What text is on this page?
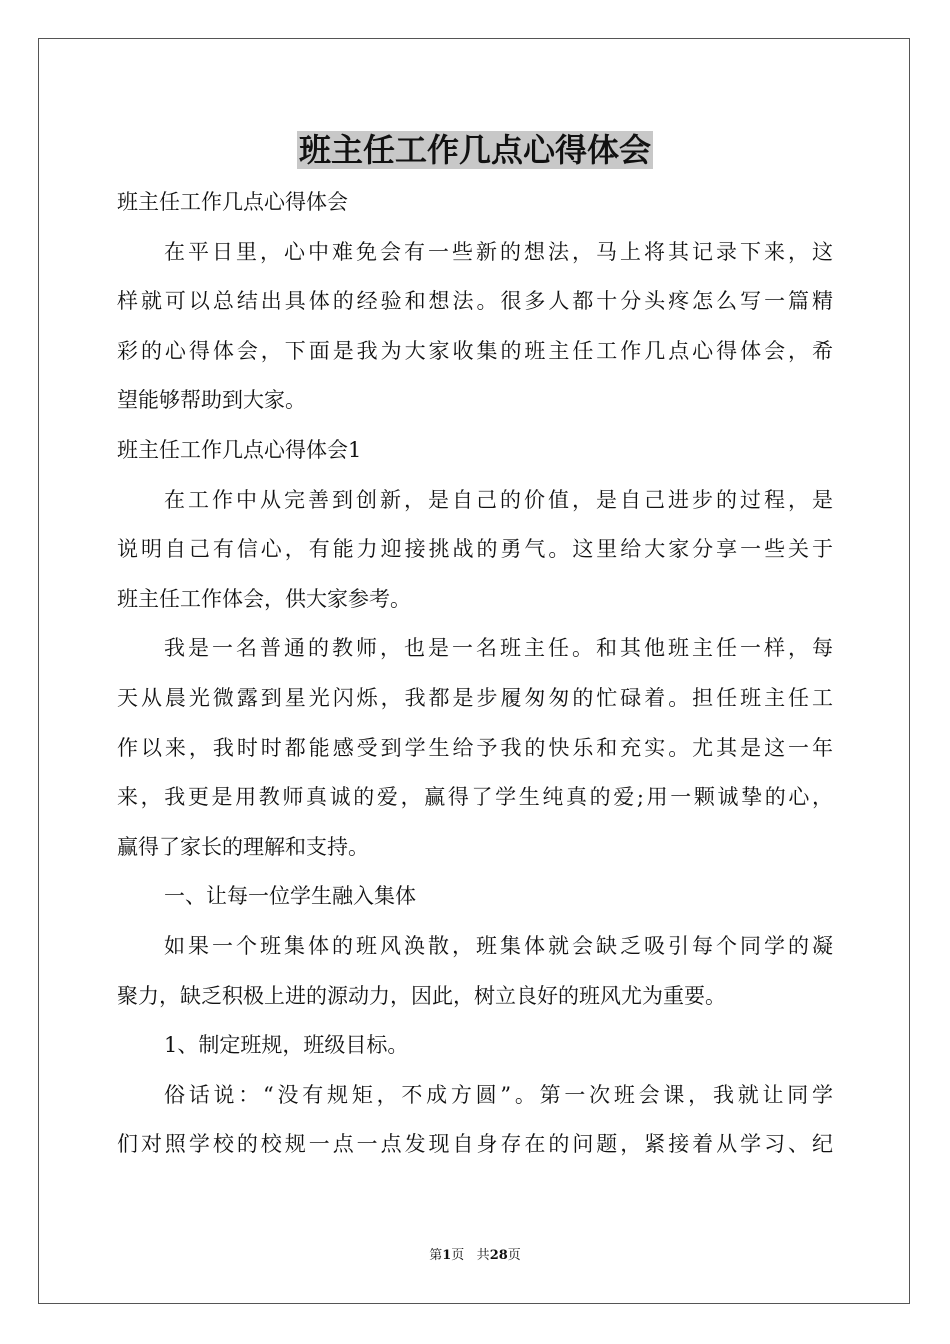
班主任工作几点心得体会
班主任工作几点心得体会
在平日里，心中难免会有一些新的想法，马上将其记录下来，这
样就可以总结出具体的经验和想法。很多人都十分头疼怎么写一篇精
彩的心得体会，下面是我为大家收集的班主任工作几点心得体会，希
望能够帮助到大家。
班主任工作几点心得体会1
在工作中从完善到创新，是自己的价值，是自己进步的过程，是
说明自己有信心，有能力迎接挑战的勇气。这里给大家分享一些关于
班主任工作体会，供大家参考。
我是一名普通的教师，也是一名班主任。和其他班主任一样，每
天从晨光微露到星光闪烁，我都是步履匆匆的忙碌着。担任班主任工
作以来，我时时都能感受到学生给予我的快乐和充实。尤其是这一年
来，我更是用教师真诚的爱，赢得了学生纯真的爱;用一颗诚挚的心，
赢得了家长的理解和支持。
一、让每一位学生融入集体
如果一个班集体的班风涣散，班集体就会缺乏吸引每个同学的凝
聚力，缺乏积极上进的源动力，因此，树立良好的班风尤为重要。
1、制定班规，班级目标。
俗话说：“没有规矩，不成方圆”。第一次班会课，我就让同学
们对照学校的校规一点一点发现自身存在的问题，紧接着从学习、纪
第1页 共28页
